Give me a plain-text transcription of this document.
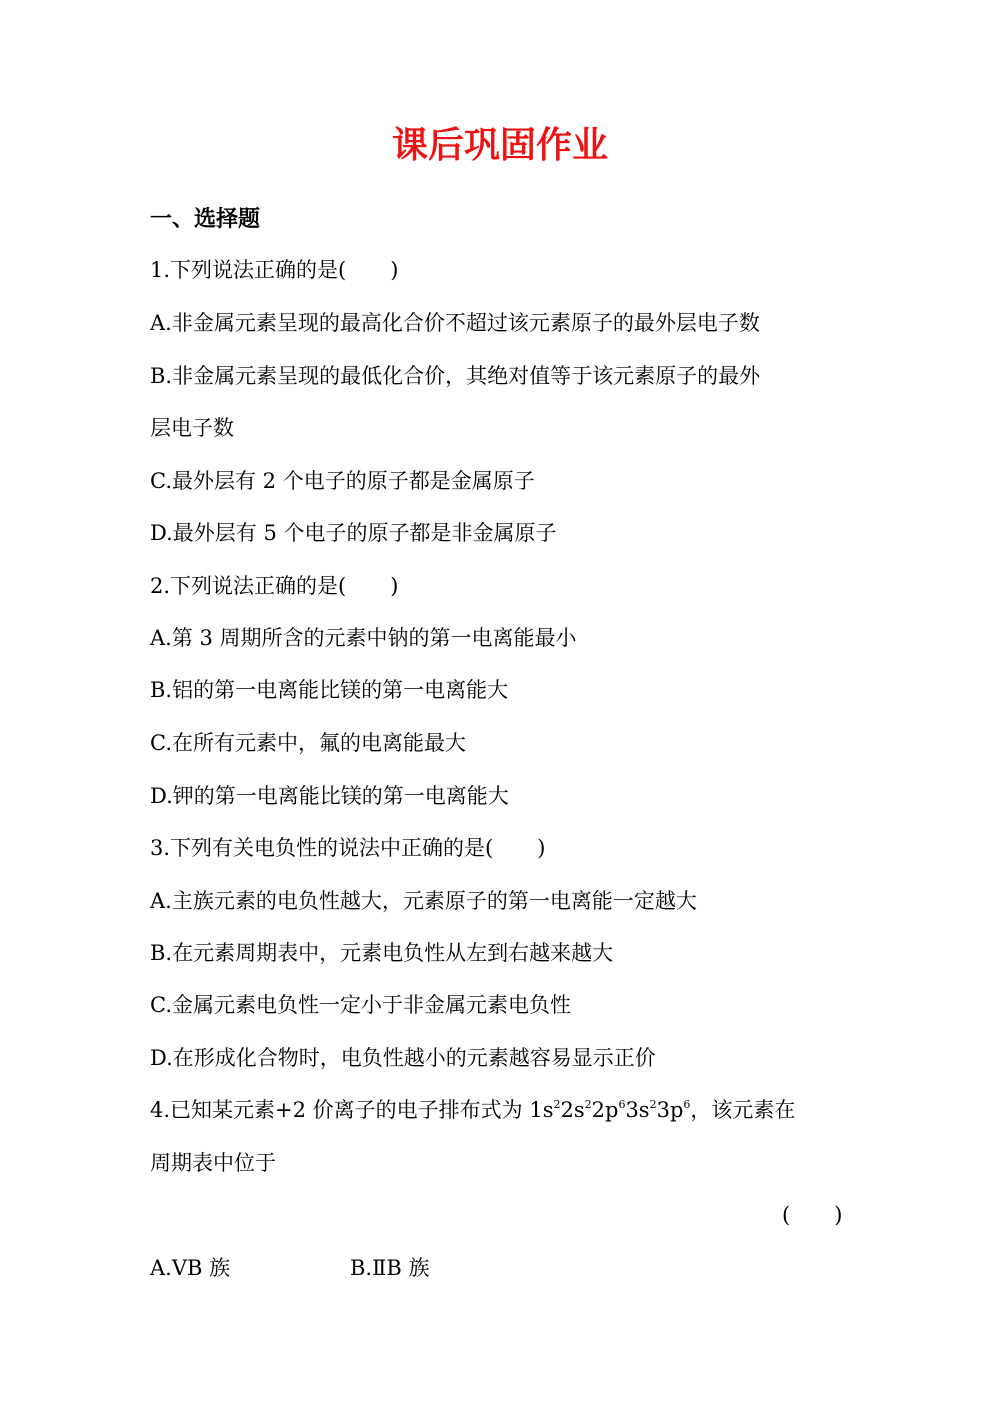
课后巩固作业
一、选择题

1.下列说法正确的是( )

A.非金属元素呈现的最高化合价不超过该元素原子的最外层电子数

B.非金属元素呈现的最低化合价，其绝对值等于该元素原子的最外

层电子数

C.最外层有 2 个电子的原子都是金属原子

D.最外层有 5 个电子的原子都是非金属原子

2.下列说法正确的是( )

A.第 3 周期所含的元素中钠的第一电离能最小

B.铝的第一电离能比镁的第一电离能大

C.在所有元素中，氟的电离能最大

D.钾的第一电离能比镁的第一电离能大

3.下列有关电负性的说法中正确的是( )

A.主族元素的电负性越大，元素原子的第一电离能一定越大

B.在元素周期表中，元素电负性从左到右越来越大

C.金属元素电负性一定小于非金属元素电负性

D.在形成化合物时，电负性越小的元素越容易显示正价

4.已知某元素+2 价离子的电子排布式为 $1s^22s^22p^63s^23p^6$，该元素在

周期表中位于

( )

A.ⅤB 族	B.ⅡB 族
